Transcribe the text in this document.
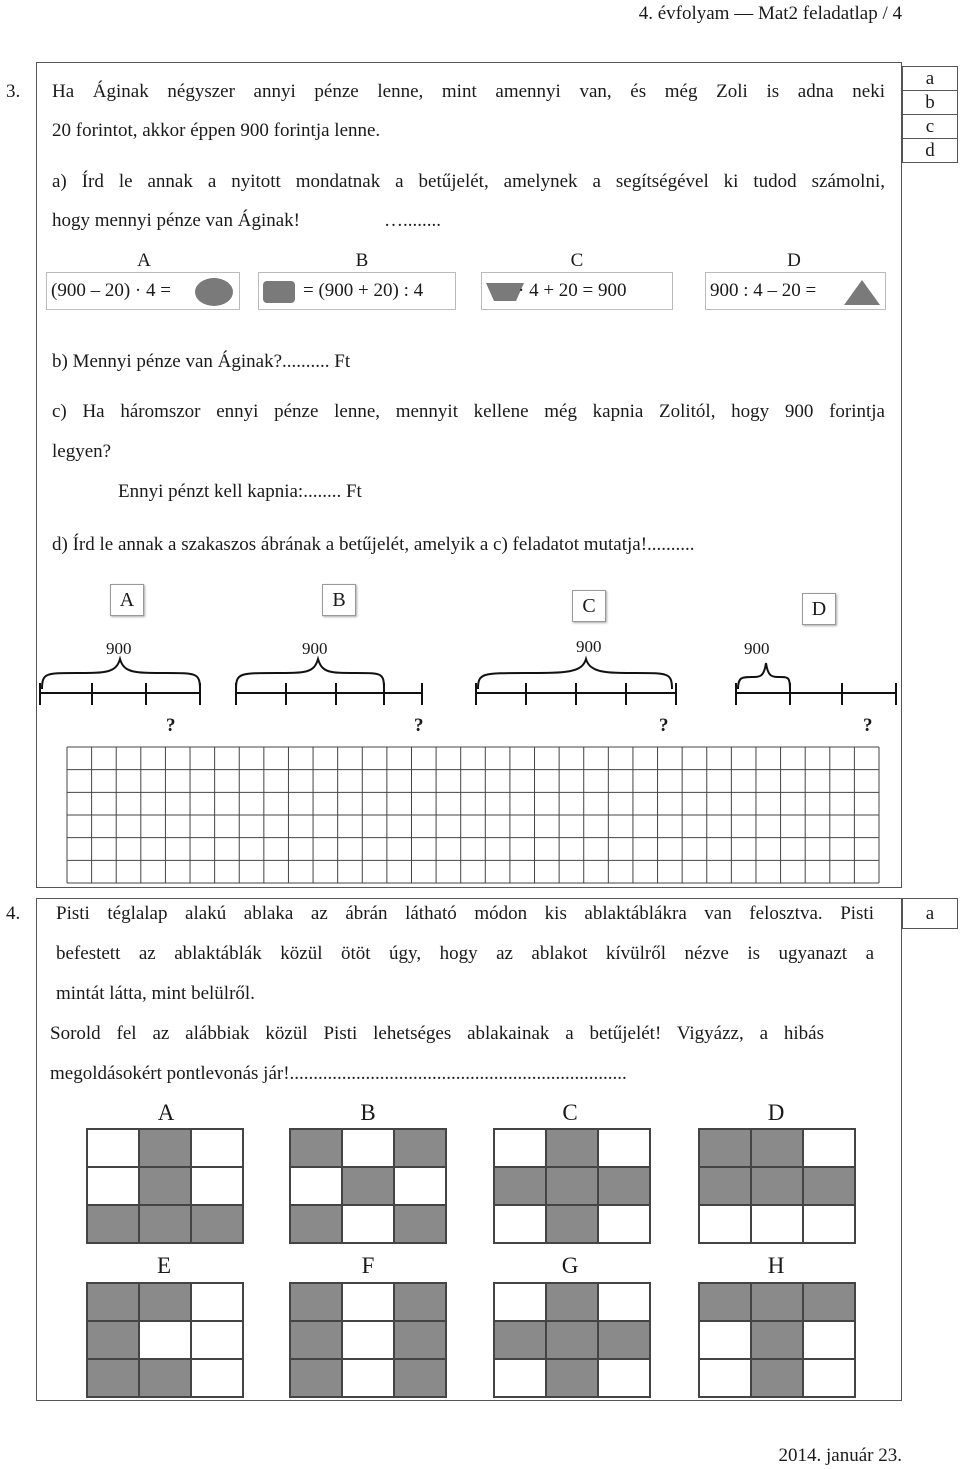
4. évfolyam — Mat2 feladatlap / 4
a
b
c
d
3. Ha Áginak négyszer annyi pénze lenne, mint amennyi van, és még Zoli is adna neki
20 forintot, akkor éppen 900 forintja lenne.
a) Írd le annak a nyitott mondatnak a betűjelét, amelynek a segítségével ki tudod számolni,
hogy mennyi pénze van Áginak!	…........
A	B	C	D
(900 ‒ 20) · 4 =	= (900 + 20) : 4	· 4 + 20 = 900	900 : 4 ‒ 20 =
b) Mennyi pénze van Áginak?.......... Ft
c) Ha háromszor ennyi pénze lenne, mennyit kellene még kapnia Zolitól, hogy 900 forintja
legyen?
Ennyi pénzt kell kapnia:........ Ft
d) Írd le annak a szakaszos ábrának a betűjelét, amelyik a c) feladatot mutatja!..........
A	B	C	D
900	900	900	900
?	?	?	?
a
4. Pisti téglalap alakú ablaka az ábrán látható módon kis ablaktáblákra van felosztva. Pisti
befestett az ablaktáblák közül ötöt úgy, hogy az ablakot kívülről nézve is ugyanazt a
mintát látta, mint belülről.
Sorold fel az alábbiak közül Pisti lehetséges ablakainak a betűjelét! Vigyázz, a hibás
megoldásokért pontlevonás jár!.......................................................................
A	B	C	D
E	F	G	H
2014. január 23.
